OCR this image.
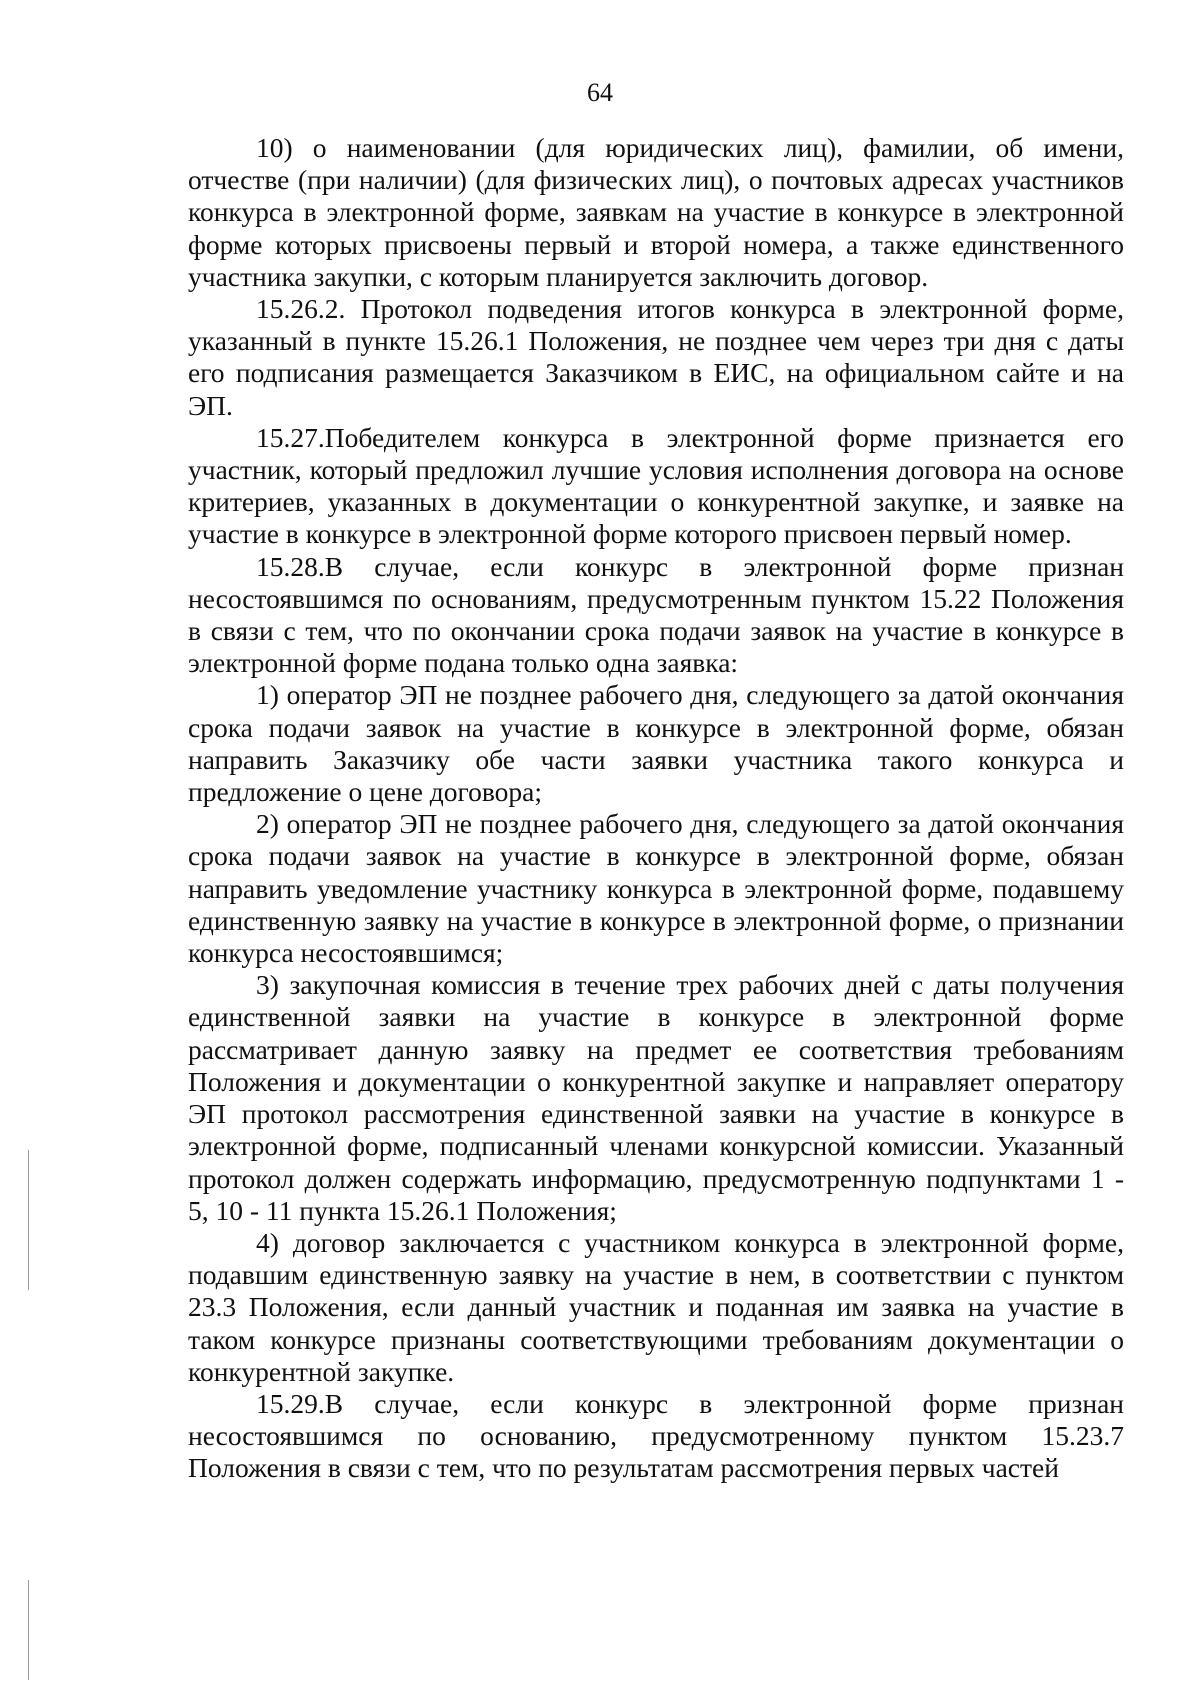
64

10) о наименовании (для юридических лиц), фамилии, об имени, отчестве (при наличии) (для физических лиц), о почтовых адресах участников конкурса в электронной форме, заявкам на участие в конкурсе в электронной форме которых присвоены первый и второй номера, а также единственного участника закупки, с которым планируется заключить договор.

15.26.2. Протокол подведения итогов конкурса в электронной форме, указанный в пункте 15.26.1 Положения, не позднее чем через три дня с даты его подписания размещается Заказчиком в ЕИС, на официальном сайте и на ЭП.

15.27.Победителем конкурса в электронной форме признается его участник, который предложил лучшие условия исполнения договора на основе критериев, указанных в документации о конкурентной закупке, и заявке на участие в конкурсе в электронной форме которого присвоен первый номер.

15.28.В случае, если конкурс в электронной форме признан несостоявшимся по основаниям, предусмотренным пунктом 15.22 Положения в связи с тем, что по окончании срока подачи заявок на участие в конкурсе в электронной форме подана только одна заявка:

1) оператор ЭП не позднее рабочего дня, следующего за датой окончания срока подачи заявок на участие в конкурсе в электронной форме, обязан направить Заказчику обе части заявки участника такого конкурса и предложение о цене договора;

2) оператор ЭП не позднее рабочего дня, следующего за датой окончания срока подачи заявок на участие в конкурсе в электронной форме, обязан направить уведомление участнику конкурса в электронной форме, подавшему единственную заявку на участие в конкурсе в электронной форме, о признании конкурса несостоявшимся;

3) закупочная комиссия в течение трех рабочих дней с даты получения единственной заявки на участие в конкурсе в электронной форме рассматривает данную заявку на предмет ее соответствия требованиям Положения и документации о конкурентной закупке и направляет оператору ЭП протокол рассмотрения единственной заявки на участие в конкурсе в электронной форме, подписанный членами конкурсной комиссии. Указанный протокол должен содержать информацию, предусмотренную подпунктами 1 - 5, 10 - 11 пункта 15.26.1 Положения;

4) договор заключается с участником конкурса в электронной форме, подавшим единственную заявку на участие в нем, в соответствии с пунктом 23.3 Положения, если данный участник и поданная им заявка на участие в таком конкурсе признаны соответствующими требованиям документации о конкурентной закупке.

15.29.В случае, если конкурс в электронной форме признан несостоявшимся по основанию, предусмотренному пунктом 15.23.7 Положения в связи с тем, что по результатам рассмотрения первых частей
